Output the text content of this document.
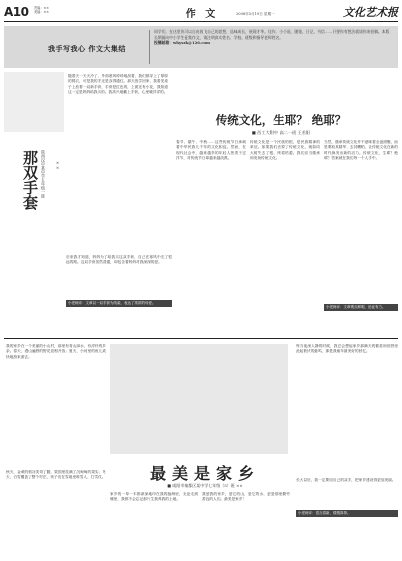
A10 责编：××
美编：××	作 文	2008年5月19日 星期一	文化艺术报
我手写我心 作文大集结
同学们，在这里你可以自由放飞自己的思想，品味成长，展现才华。佳作、小小说、随笔、日记、书信……只要你有想法就请你来投稿。本版长期面向中小学生征集作文，请注明真实姓名、学校、班级和指导老师姓名。
投稿邮箱：whyszk@126.com
那双手套 陕西汉中某中学五年级一班	××
随着天一天天冷了，外面寒风呼呼地刮着，我们都穿上了厚厚的棉衣，可是我的手还是冻得通红。那天放学回家，我看见桌子上放着一双新手套，手套是红色的，上面还有小花，我知道这一定是妈妈给我买的。我高兴地戴上手套，心里暖洋洋的。
后来我才知道，妈妈为了给我买这双手套，自己在寒风中走了很远的路。这双手套虽然普通，却包含着妈妈对我深深的爱。
小老师评：文章以一双手套为线索，表达了浓浓的母爱。
传统文化，生耶？ 绝耶？
■ 西工大附中 高二一班 王若阳
春节、端午、中秋……这些传统节日承载着中华民族几千年的文化积淀。然而，在现代社会中，越来越多的年轻人热衷于过洋节，对传统节日却越来越淡漠。
传统文化是一个民族的根，是民族精神的象征。如果我们丢掉了传统文化，就如同大树失去了根，终将枯萎。我们应当继承和发扬传统文化。
当然，继承传统文化并不意味着全盘照搬，而是要取其精华、去其糟粕，让传统文化在新的时代焕发出新的活力。传统文化，生耶？绝耶？答案就在我们每一个人手中。
小老师评：文章观点鲜明，论证有力。
我的家乡在一个美丽的小山村，那里有青山绿水，有淳朴的乡亲。春天，漫山遍野的野花竞相开放；夏天，小河里的鱼儿欢快地游来游去。
最美是家乡
■ 咸阳市秦都区某中学七年级（5）班 ××
秋天，金黄的稻谷笑弯了腰，果园里挂满了沉甸甸的果实；冬天，白雪覆盖了整个村庄，孩子们在雪地里堆雪人、打雪仗。
家乡的一草一木都深深地印在我的脑海里，无论走到哪里，我都不会忘记那片生我养我的土地。
我爱我的家乡，爱它的山，爱它的水，更爱那里勤劳善良的人们。最美是家乡！
每当夜深人静的时候，我总会想起家乡那满天的繁星和田野里此起彼伏的蛙鸣，那是我童年最美好的回忆。
长大以后，我一定要用自己的双手，把家乡建设得更加美丽。
小老师评：语言清新，情感真挚。
